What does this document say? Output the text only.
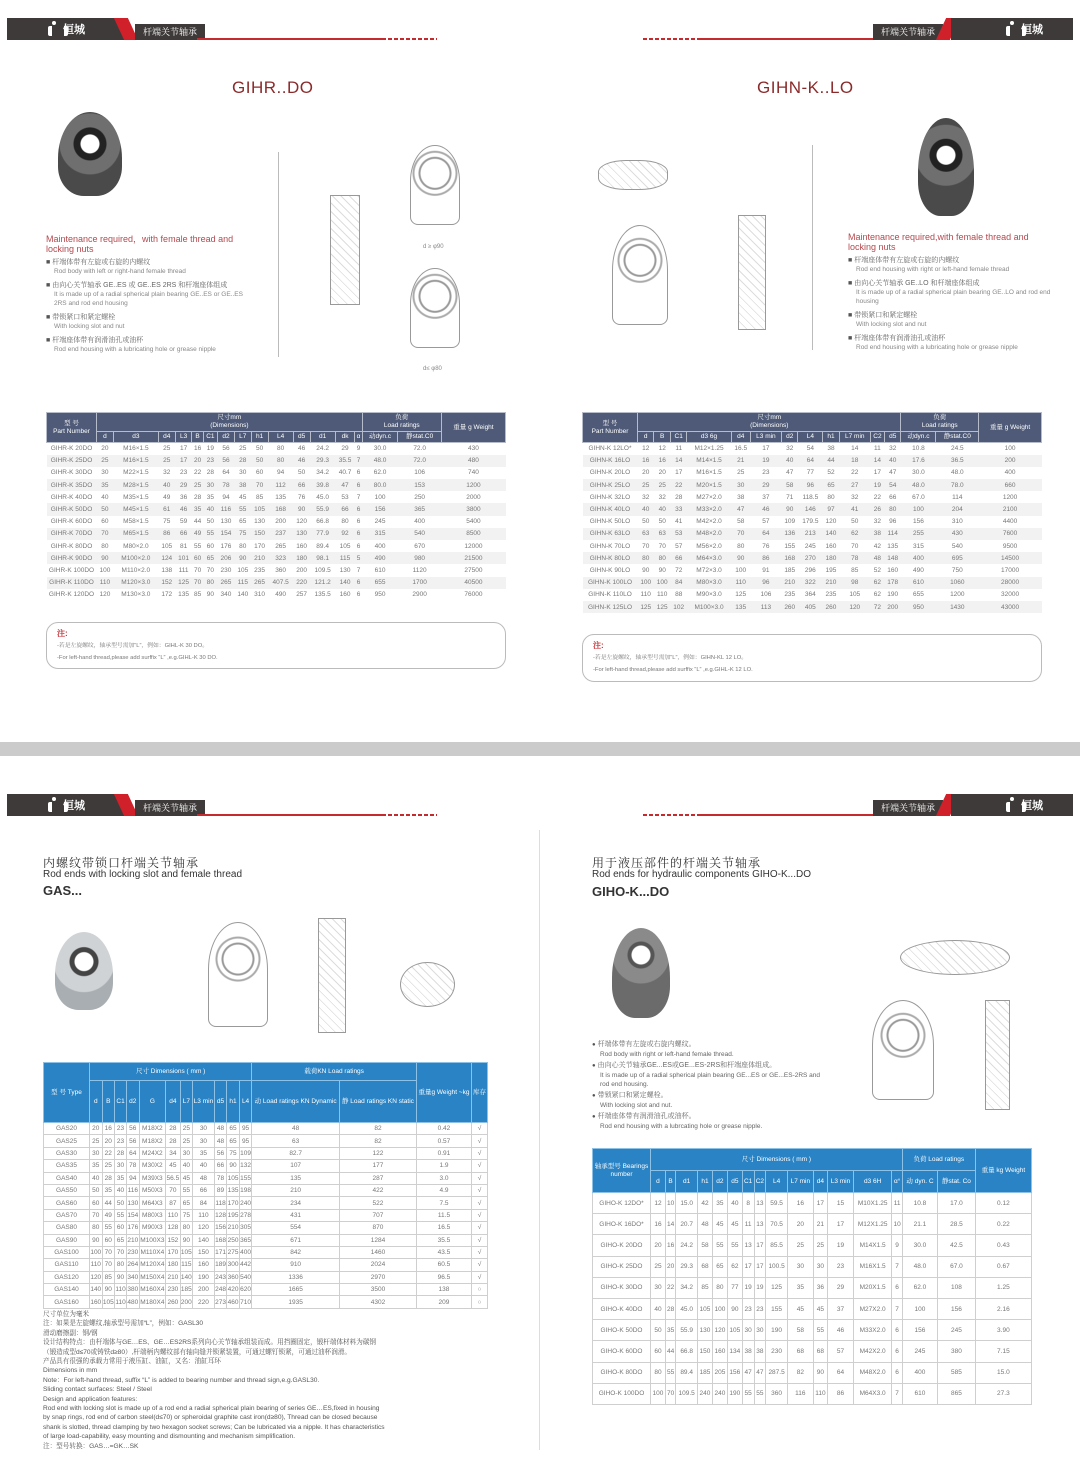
杆端关节轴承
恒城
GIHR..DO
d ≥ φ90
d≤ φ80
Maintenance required，with female thread and locking nuts
■ 杆端体带有左旋或右旋的内螺纹
Rod body with left or right-hand female thread
■ 由向心关节轴承 GE..ES 或 GE..ES 2RS 和杆端座体组成
It is made up of a radial spherical plain bearing GE..ES or GE..ES 2RS and rod end housing
■ 带锁紧口和紧定螺栓
With locking slot and nut
■ 杆端座体带有润滑油孔或油杯
Rod end housing with a lubricating hole or grease nipple
型 号
Part Number	尺寸mm
(Dimensions)														负荷
Load ratings		重量 g Weight
	d	d3	d4	L3	B	C1	d2	L7	h1	L4	d5	d1	dk	α	动dyn.c	静stat.C0	
GIHR-K 20DO	20	M16×1.5	25	17	16	19	56	25	50	80	46	24.2	29	9	30.0	72.0	430
GIHR-K 25DO	25	M16×1.5	25	17	20	23	56	28	50	80	46	29.3	35.5	7	48.0	72.0	480
GIHR-K 30DO	30	M22×1.5	32	23	22	28	64	30	60	94	50	34.2	40.7	6	62.0	106	740
GIHR-K 35DO	35	M28×1.5	40	29	25	30	78	38	70	112	66	39.8	47	6	80.0	153	1200
GIHR-K 40DO	40	M35×1.5	49	36	28	35	94	45	85	135	76	45.0	53	7	100	250	2000
GIHR-K 50DO	50	M45×1.5	61	46	35	40	116	55	105	168	90	55.9	66	6	156	365	3800
GIHR-K 60DO	60	M58×1.5	75	59	44	50	130	65	130	200	120	66.8	80	6	245	400	5400
GIHR-K 70DO	70	M65×1.5	86	66	49	55	154	75	150	237	130	77.9	92	6	315	540	8500
GIHR-K 80DO	80	M80×2.0	105	81	55	60	176	80	170	265	160	89.4	105	6	400	670	12000
GIHR-K 90DO	90	M100×2.0	124	101	60	65	206	90	210	323	180	98.1	115	5	490	980	21500
GIHR-K 100DO	100	M110×2.0	138	111	70	70	230	105	235	360	200	109.5	130	7	610	1120	27500
GIHR-K 110DO	110	M120×3.0	152	125	70	80	265	115	265	407.5	220	121.2	140	6	655	1700	40500
GIHR-K 120DO	120	M130×3.0	172	135	85	90	340	140	310	490	257	135.5	160	6	950	2900	76000
注:
-若是左旋螺纹，轴承型号需加“L”，例如：GIHL-K 30 DO。
-For left-hand thread,please add surffix “L” ,e.g.GIHL-K 30 DO.
杆端关节轴承	恒城
GIHN-K..LO
Maintenance required,with female thread and locking nuts
■ 杆端座体带有左旋或右旋的内螺纹
Rod end housing with right or left-hand female thread
■ 由向心关节轴承 GE..LO 和杆端座体组成
It is made up of a radial spherical plain bearing GE..LO and rod end housing
■ 带锁紧口和紧定螺栓
With locking slot and nut
■ 杆端座体带有润滑油孔或油杯
Rod end housing with a lubricating hole or grease nipple
型 号
Part Number	尺寸mm
(Dimensions)												负荷
Load ratings		重量 g Weight
	d	B	C1	d3 6g	d4	L3 min	d2	L4	h1	L7 min	C2	d5	动dyn.c	静stat.C0	
GIHN-K 12LO*	12	12	11	M12×1.25	16.5	17	32	54	38	14	11	32	10.8	24.5	100
GIHN-K 16LO	16	16	14	M14×1.5	21	19	40	64	44	18	14	40	17.6	36.5	200
GIHN-K 20LO	20	20	17	M16×1.5	25	23	47	77	52	22	17	47	30.0	48.0	400
GIHN-K 25LO	25	25	22	M20×1.5	30	29	58	96	65	27	19	54	48.0	78.0	660
GIHN-K 32LO	32	32	28	M27×2.0	38	37	71	118.5	80	32	22	66	67.0	114	1200
GIHN-K 40LO	40	40	33	M33×2.0	47	46	90	146	97	41	26	80	100	204	2100
GIHN-K 50LO	50	50	41	M42×2.0	58	57	109	179.5	120	50	32	96	156	310	4400
GIHN-K 63LO	63	63	53	M48×2.0	70	64	136	213	140	62	38	114	255	430	7600
GIHN-K 70LO	70	70	57	M56×2.0	80	76	155	245	160	70	42	135	315	540	9500
GIHN-K 80LO	80	80	66	M64×3.0	90	86	168	270	180	78	48	148	400	695	14500
GIHN-K 90LO	90	90	72	M72×3.0	100	91	185	296	195	85	52	160	490	750	17000
GIHN-K 100LO	100	100	84	M80×3.0	110	96	210	322	210	98	62	178	610	1060	28000
GIHN-K 110LO	110	110	88	M90×3.0	125	106	235	364	235	105	62	190	655	1200	32000
GIHN-K 125LO	125	125	102	M100×3.0	135	113	260	405	260	120	72	200	950	1430	43000
注:
-若是左旋螺纹，轴承型号需加“L”，例如：GIHN-KL 12 LO。
-For left-hand thread,please add surffix “L” ,e.g.GIHL-K 12 LO.
杆端关节轴承
恒城
内螺纹带锁口杆端关节轴承
Rod ends with locking slot and female thread
GAS...
型 号 Type	尺寸 Dimensions ( mm )											载荷KN Load ratings		重量g Weight ~kg	库存
	d	B	C1	d2	G	d4	L7	L3 min	d5	h1	L4	动 Load ratings KN Dynamic	静 Load ratings KN static		
GAS20	20	16	23	56	M18X2	28	25	30	48	65	95	48	82	0.42	√
GAS25	25	20	23	56	M18X2	28	25	30	48	65	95	63	82	0.57	√
GAS30	30	22	28	64	M24X2	34	30	35	56	75	109	82.7	122	0.91	√
GAS35	35	25	30	78	M30X2	45	40	40	66	90	132	107	177	1.9	√
GAS40	40	28	35	94	M39X3	56.5	45	48	78	105	155	135	287	3.0	√
GAS50	50	35	40	116	M50X3	70	55	66	89	135	198	210	422	4.9	√
GAS60	60	44	50	130	M64X3	87	65	84	118	170	240	234	522	7.5	√
GAS70	70	49	55	154	M80X3	110	75	110	128	195	278	431	707	11.5	√
GAS80	80	55	60	176	M90X3	128	80	120	156	210	305	554	870	16.5	√
GAS90	90	60	65	210	M100X3	152	90	140	168	250	365	671	1284	35.5	√
GAS100	100	70	70	230	M110X4	170	105	150	171	275	400	842	1460	43.5	√
GAS110	110	70	80	264	M120X4	180	115	160	189	300	442	910	2024	60.5	√
GAS120	120	85	90	340	M150X4	210	140	190	243	360	540	1336	2970	96.5	√
GAS140	140	90	110	380	M160X4	230	185	200	248	420	620	1665	3500	138	○
GAS160	160	105	110	480	M180X4	260	200	220	273	460	710	1935	4302	209	○
尺寸单位为毫米
注：如果是左旋螺纹,轴承型号需加“L”，例如：GASL30
滑动磨擦副：钢/钢
设计结构特点：由杆端体与GE…ES、GE…ES2RS系列向心关节轴承组装而成。用挡圈固定，锻杆端体材料为碳钢
（锻造成型d≤70或铸铁d≥80）,杆端柄内螺纹部有轴向缝并锁紧装置，可通过螺钉锁紧，可通过油杯润滑。
产品具有很强的承载力常用于液压缸、油缸，又名：油缸耳环
Dimensions in mm
Note：For left-hand thread, suffix “L” is added to bearing number and thread sign,e.g.GASL30.
Sliding contact surfaces: Steel / Steel
Design and application features:
Rod end with locking slot is made up of a rod end a radial spherical plain bearing of series GE…ES,fixed in housing
by snap rings, rod end of carbon steel(d≤70) or spheroidal graphite cast iron(d≥80), Thread can be closed because
shank is slotted, thread clamping by two hexagon socket screws; Can be lubricated via a nipple. It has characteristics
of large load-capability, easy mounting and dismounting and mechanism simplification.
注：型号转换：GAS…=GK…SK
杆端关节轴承	恒城
用于液压部件的杆端关节轴承
Rod ends for hydraulic components GIHO-K...DO
GIHO-K...DO
● 杆端体带有左旋或右旋内螺纹。
Rod body with right or left-hand female thread.
● 由向心关节轴承GE...ES或GE...ES-2RS和杆端座体组成。
It is made up of a radial spherical plain bearing GE...ES or GE...ES-2RS and rod end housing.
● 带锁紧口和紧定螺栓。
With locking slot and nut.
● 杆端座体带有润滑油孔或油杯。
Rod end housing with a lubrcating hole or grease nipple.
轴承型号 Bearings number	尺寸 Dimensions ( mm )														负荷 Load ratings		重量 kg Weight
	d	B	d1	h1	d2	d5	C1	C2	L4	L7 min	d4	L3 min	d3 6H	α°	动 dyn. C	静stat. Co	
GIHO-K 12DO*	12	10	15.0	42	35	40	8	13	59.5	16	17	15	M10X1.25	11	10.8	17.0	0.12
GIHO-K 16DO*	16	14	20.7	48	45	45	11	13	70.5	20	21	17	M12X1.25	10	21.1	28.5	0.22
GIHO-K 20DO	20	16	24.2	58	55	55	13	17	85.5	25	25	19	M14X1.5	9	30.0	42.5	0.43
GIHO-K 25DO	25	20	29.3	68	65	62	17	17	100.5	30	30	23	M16X1.5	7	48.0	67.0	0.67
GIHO-K 30DO	30	22	34.2	85	80	77	19	19	125	35	36	29	M20X1.5	6	62.0	108	1.25
GIHO-K 40DO	40	28	45.0	105	100	90	23	23	155	45	45	37	M27X2.0	7	100	156	2.16
GIHO-K 50DO	50	35	55.9	130	120	105	30	30	190	58	55	46	M33X2.0	6	156	245	3.90
GIHO-K 60DO	60	44	66.8	150	160	134	38	38	230	68	68	57	M42X2.0	6	245	380	7.15
GIHO-K 80DO	80	55	89.4	185	205	156	47	47	287.5	82	90	64	M48X2.0	6	400	585	15.0
GIHO-K 100DO	100	70	109.5	240	240	190	55	55	360	116	110	86	M64X3.0	7	610	865	27.3
